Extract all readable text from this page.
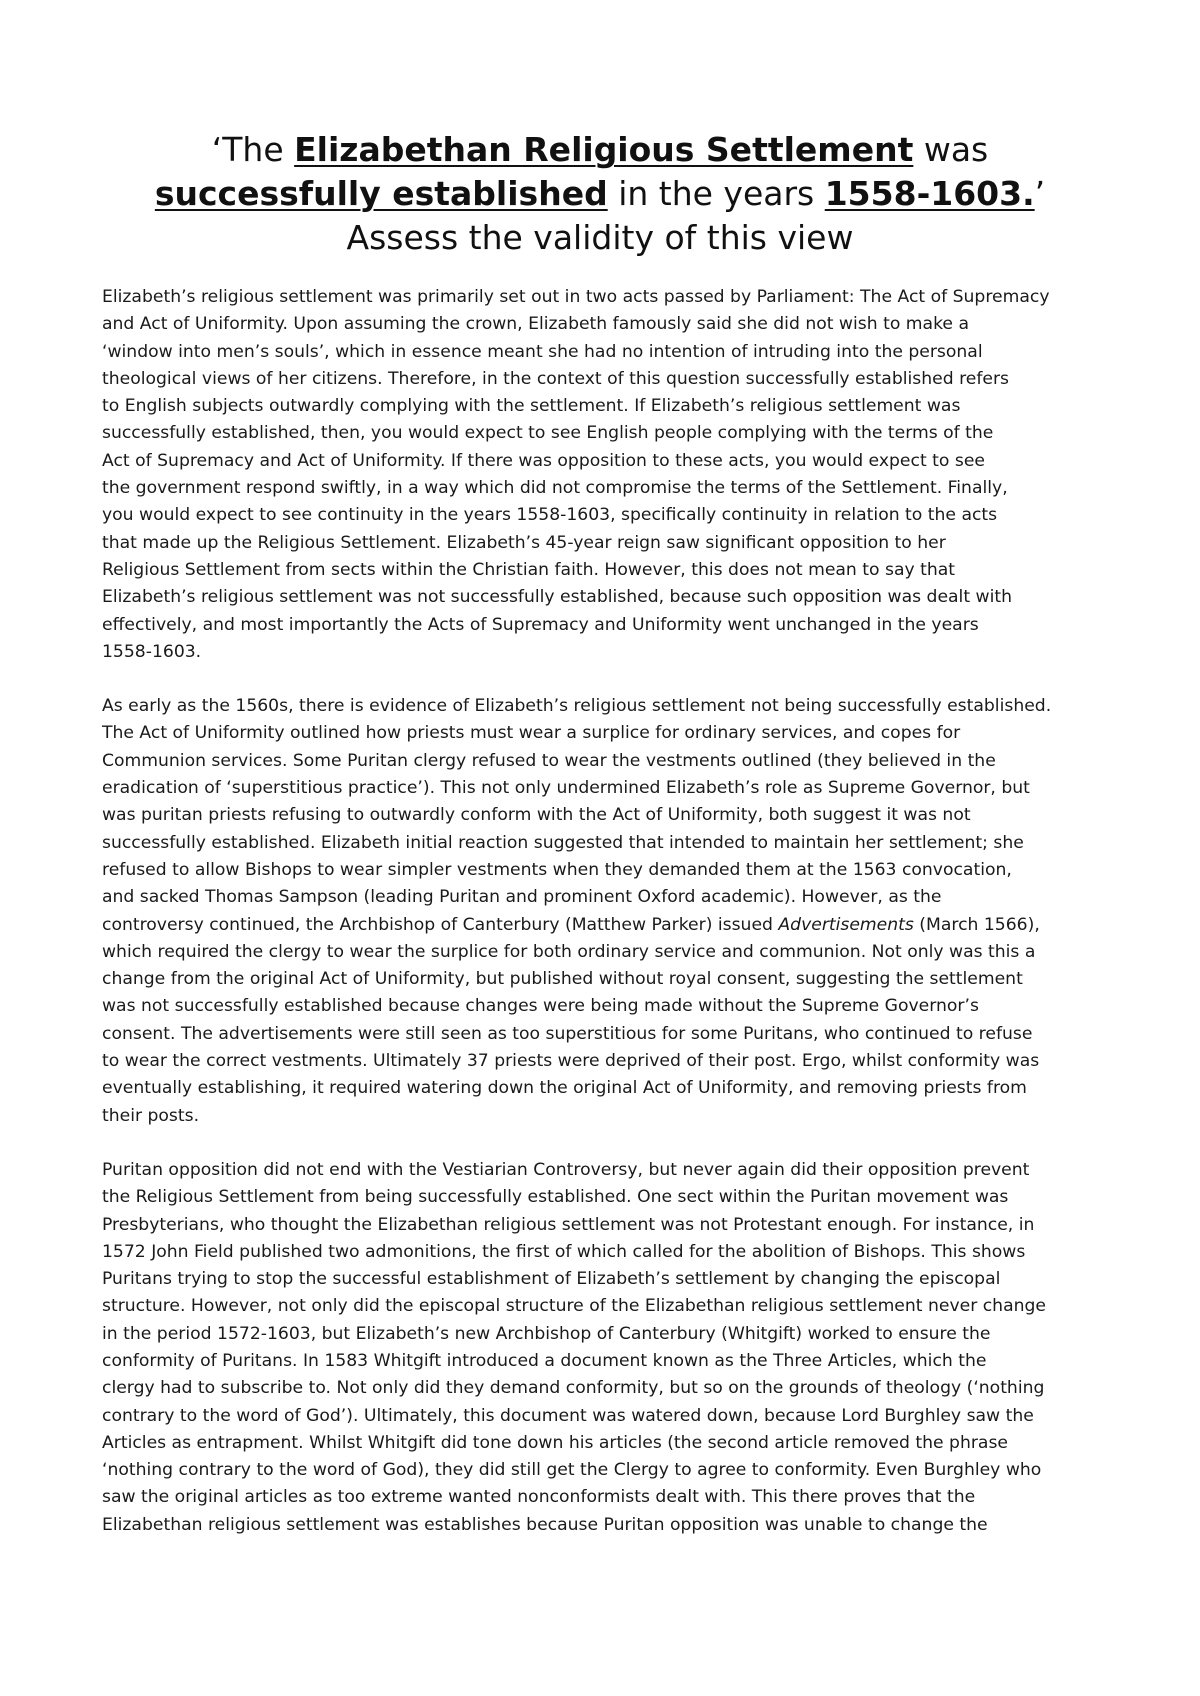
‘The Elizabethan Religious Settlement was
successfully established in the years 1558-1603.’
Assess the validity of this view

Elizabeth’s religious settlement was primarily set out in two acts passed by Parliament: The Act of Supremacy
and Act of Uniformity. Upon assuming the crown, Elizabeth famously said she did not wish to make a
‘window into men’s souls’, which in essence meant she had no intention of intruding into the personal
theological views of her citizens. Therefore, in the context of this question successfully established refers
to English subjects outwardly complying with the settlement. If Elizabeth’s religious settlement was
successfully established, then, you would expect to see English people complying with the terms of the
Act of Supremacy and Act of Uniformity. If there was opposition to these acts, you would expect to see
the government respond swiftly, in a way which did not compromise the terms of the Settlement. Finally,
you would expect to see continuity in the years 1558-1603, specifically continuity in relation to the acts
that made up the Religious Settlement. Elizabeth’s 45-year reign saw significant opposition to her
Religious Settlement from sects within the Christian faith. However, this does not mean to say that
Elizabeth’s religious settlement was not successfully established, because such opposition was dealt with
effectively, and most importantly the Acts of Supremacy and Uniformity went unchanged in the years
1558-1603.

As early as the 1560s, there is evidence of Elizabeth’s religious settlement not being successfully established.
The Act of Uniformity outlined how priests must wear a surplice for ordinary services, and copes for
Communion services. Some Puritan clergy refused to wear the vestments outlined (they believed in the
eradication of ‘superstitious practice’). This not only undermined Elizabeth’s role as Supreme Governor, but
was puritan priests refusing to outwardly conform with the Act of Uniformity, both suggest it was not
successfully established. Elizabeth initial reaction suggested that intended to maintain her settlement; she
refused to allow Bishops to wear simpler vestments when they demanded them at the 1563 convocation,
and sacked Thomas Sampson (leading Puritan and prominent Oxford academic). However, as the
controversy continued, the Archbishop of Canterbury (Matthew Parker) issued Advertisements (March 1566),
which required the clergy to wear the surplice for both ordinary service and communion. Not only was this a
change from the original Act of Uniformity, but published without royal consent, suggesting the settlement
was not successfully established because changes were being made without the Supreme Governor’s
consent. The advertisements were still seen as too superstitious for some Puritans, who continued to refuse
to wear the correct vestments. Ultimately 37 priests were deprived of their post. Ergo, whilst conformity was
eventually establishing, it required watering down the original Act of Uniformity, and removing priests from
their posts.

Puritan opposition did not end with the Vestiarian Controversy, but never again did their opposition prevent
the Religious Settlement from being successfully established. One sect within the Puritan movement was
Presbyterians, who thought the Elizabethan religious settlement was not Protestant enough. For instance, in
1572 John Field published two admonitions, the first of which called for the abolition of Bishops. This shows
Puritans trying to stop the successful establishment of Elizabeth’s settlement by changing the episcopal
structure. However, not only did the episcopal structure of the Elizabethan religious settlement never change
in the period 1572-1603, but Elizabeth’s new Archbishop of Canterbury (Whitgift) worked to ensure the
conformity of Puritans. In 1583 Whitgift introduced a document known as the Three Articles, which the
clergy had to subscribe to. Not only did they demand conformity, but so on the grounds of theology (‘nothing
contrary to the word of God’). Ultimately, this document was watered down, because Lord Burghley saw the
Articles as entrapment. Whilst Whitgift did tone down his articles (the second article removed the phrase
‘nothing contrary to the word of God), they did still get the Clergy to agree to conformity. Even Burghley who
saw the original articles as too extreme wanted nonconformists dealt with. This there proves that the
Elizabethan religious settlement was establishes because Puritan opposition was unable to change the
